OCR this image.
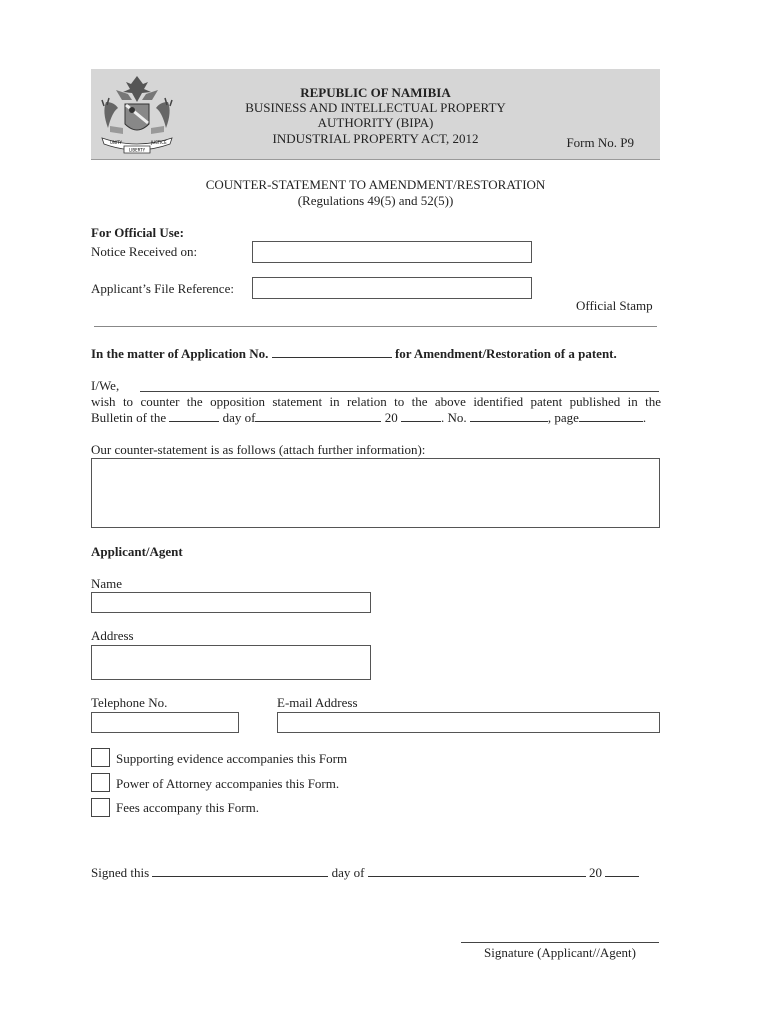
UNITY
LIBERTY
JUSTICE
REPUBLIC OF NAMIBIA
BUSINESS AND INTELLECTUAL PROPERTY
AUTHORITY (BIPA)
INDUSTRIAL PROPERTY ACT, 2012	Form No. P9
COUNTER-STATEMENT TO AMENDMENT/RESTORATION
(Regulations 49(5) and 52(5))
For Official Use:
Notice Received on:
Applicant’s File Reference:
Official Stamp
In the matter of Application No.	for Amendment/Restoration of a patent.
I/We,
wish to counter the opposition statement in relation to the above identified patent published in the
Bulletin of the	day of	20	. No.	, page	.
Our counter-statement is as follows (attach further information):
Applicant/Agent
Name
Address
Telephone No.	E-mail Address
Supporting evidence accompanies this Form
Power of Attorney accompanies this Form.
Fees accompany this Form.
Signed this	day of	20
Signature (Applicant//Agent)
